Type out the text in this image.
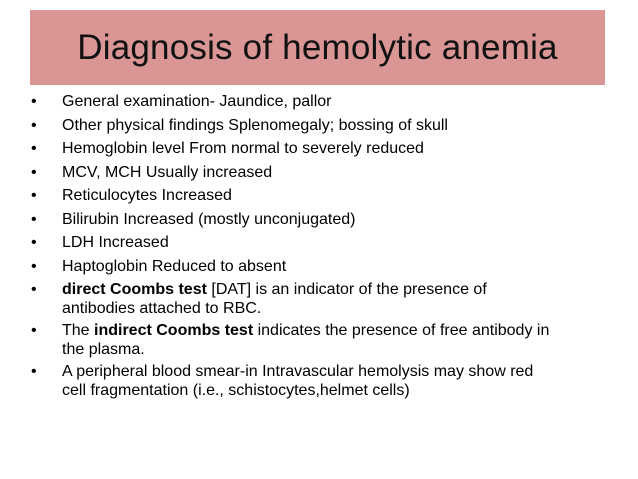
Diagnosis of hemolytic anemia
•	General examination- Jaundice, pallor
•	Other physical findings Splenomegaly; bossing of skull
•	Hemoglobin level From normal to severely reduced
•	MCV, MCH Usually increased
•	Reticulocytes Increased
•	Bilirubin Increased (mostly unconjugated)
•	LDH Increased
•	Haptoglobin Reduced to absent
•	direct Coombs test [DAT] is an indicator of the presence of
antibodies attached to RBC.
•	The indirect Coombs test indicates the presence of free antibody in
the plasma.
•	A peripheral blood smear-in Intravascular hemolysis may show red
cell fragmentation (i.e., schistocytes,helmet cells)
